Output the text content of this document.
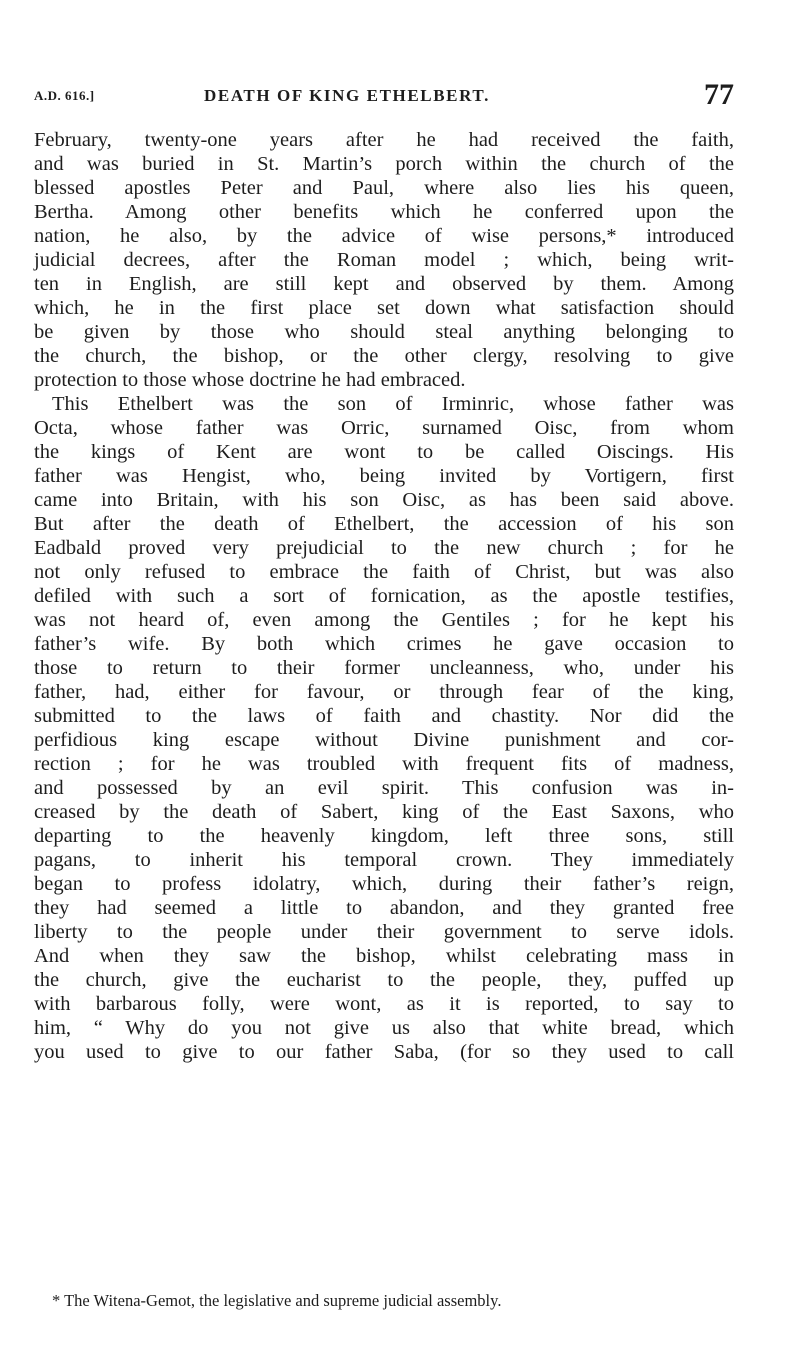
A.D. 616.]	DEATH OF KING ETHELBERT.	77
February, twenty-one years after he had received the faith,
and was buried in St. Martin’s porch within the church of the
blessed apostles Peter and Paul, where also lies his queen,
Bertha. Among other benefits which he conferred upon the
nation, he also, by the advice of wise persons,* introduced
judicial decrees, after the Roman model ; which, being writ-
ten in English, are still kept and observed by them. Among
which, he in the first place set down what satisfaction should
be given by those who should steal anything belonging to
the church, the bishop, or the other clergy, resolving to give
protection to those whose doctrine he had embraced.
This Ethelbert was the son of Irminric, whose father was
Octa, whose father was Orric, surnamed Oisc, from whom
the kings of Kent are wont to be called Oiscings. His
father was Hengist, who, being invited by Vortigern, first
came into Britain, with his son Oisc, as has been said above.
But after the death of Ethelbert, the accession of his son
Eadbald proved very prejudicial to the new church ; for he
not only refused to embrace the faith of Christ, but was also
defiled with such a sort of fornication, as the apostle testifies,
was not heard of, even among the Gentiles ; for he kept his
father’s wife. By both which crimes he gave occasion to
those to return to their former uncleanness, who, under his
father, had, either for favour, or through fear of the king,
submitted to the laws of faith and chastity. Nor did the
perfidious king escape without Divine punishment and cor-
rection ; for he was troubled with frequent fits of madness,
and possessed by an evil spirit. This confusion was in-
creased by the death of Sabert, king of the East Saxons, who
departing to the heavenly kingdom, left three sons, still
pagans, to inherit his temporal crown. They immediately
began to profess idolatry, which, during their father’s reign,
they had seemed a little to abandon, and they granted free
liberty to the people under their government to serve idols.
And when they saw the bishop, whilst celebrating mass in
the church, give the eucharist to the people, they, puffed up
with barbarous folly, were wont, as it is reported, to say to
him, “ Why do you not give us also that white bread, which
you used to give to our father Saba, (for so they used to call
* The Witena-Gemot, the legislative and supreme judicial assembly.
